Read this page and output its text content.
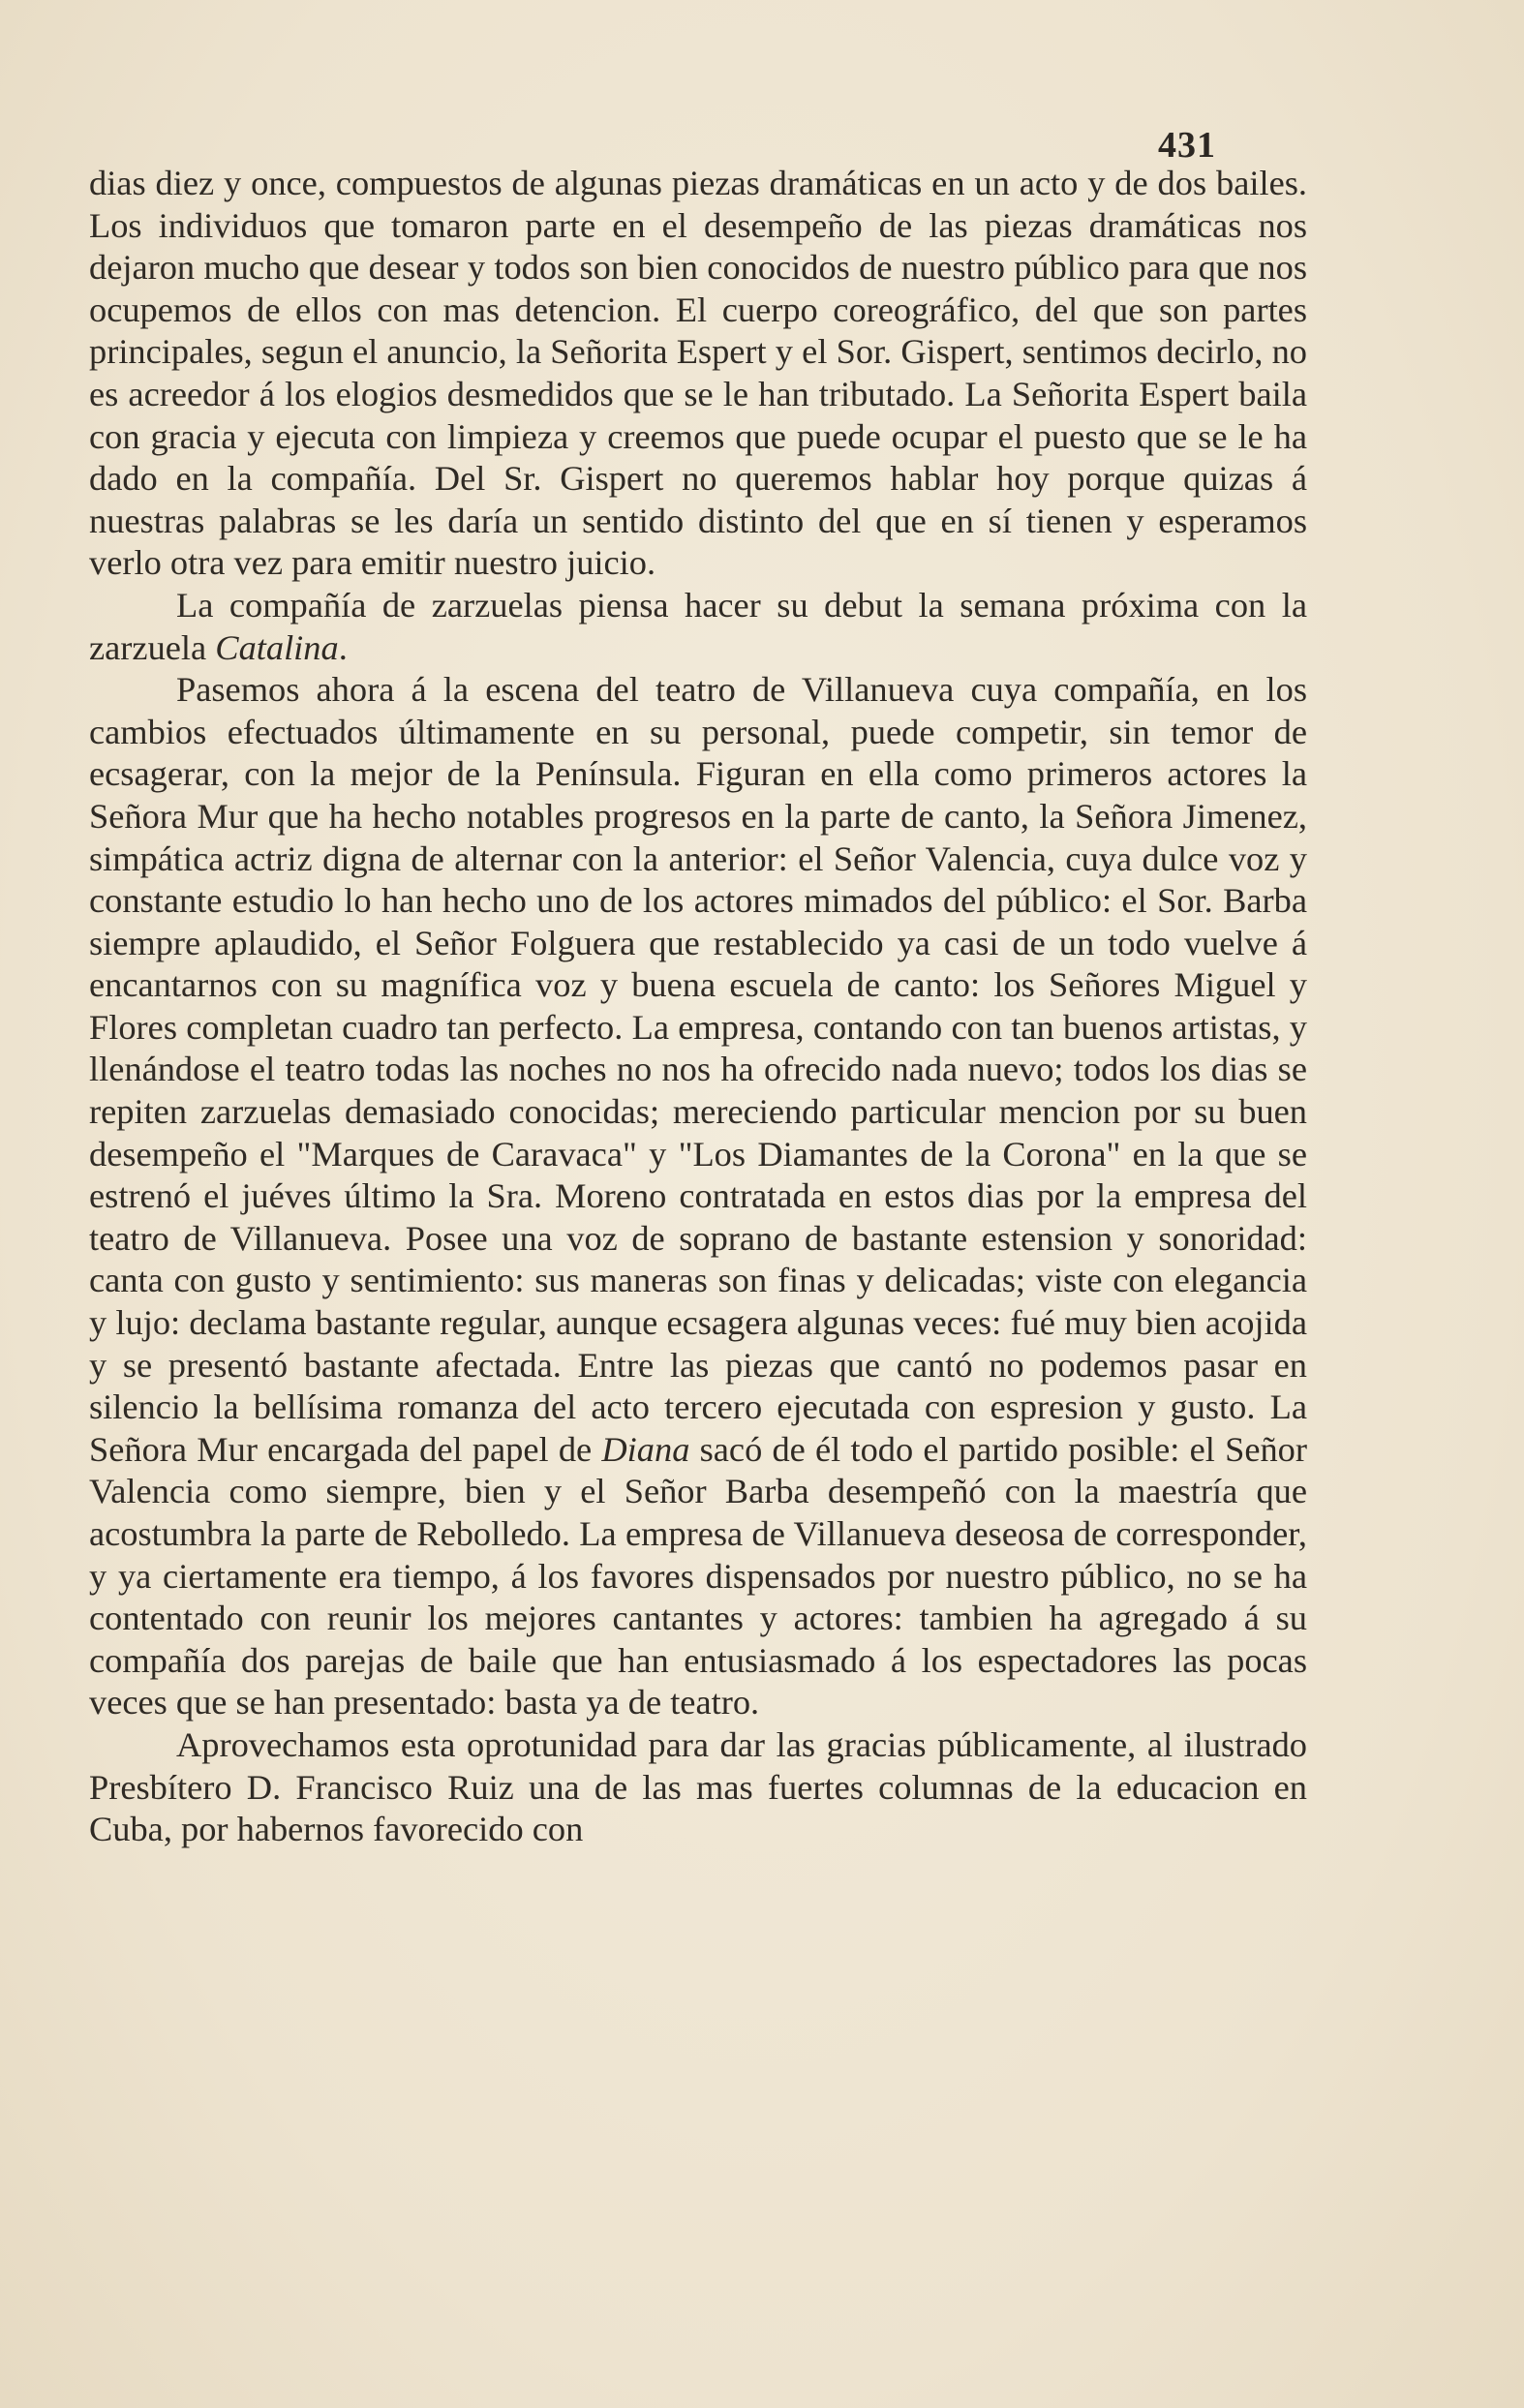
431

dias diez y once, compuestos de algunas piezas dramáticas en un acto y de dos bailes. Los individuos que tomaron parte en el desempeño de las piezas dramáticas nos dejaron mucho que desear y todos son bien conocidos de nuestro público para que nos ocupemos de ellos con mas detencion. El cuerpo coreográfico, del que son partes principales, segun el anuncio, la Señorita Espert y el Sor. Gispert, sentimos decirlo, no es acreedor á los elogios desmedidos que se le han tributado. La Señorita Espert baila con gracia y ejecuta con limpieza y creemos que puede ocupar el puesto que se le ha dado en la compañía. Del Sr. Gispert no queremos hablar hoy porque quizas á nuestras palabras se les daría un sentido distinto del que en sí tienen y esperamos verlo otra vez para emitir nuestro juicio.

La compañía de zarzuelas piensa hacer su debut la semana próxima con la zarzuela Catalina.

Pasemos ahora á la escena del teatro de Villanueva cuya compañía, en los cambios efectuados últimamente en su personal, puede competir, sin temor de ecsagerar, con la mejor de la Península. Figuran en ella como primeros actores la Señora Mur que ha hecho notables progresos en la parte de canto, la Señora Jimenez, simpática actriz digna de alternar con la anterior: el Señor Valencia, cuya dulce voz y constante estudio lo han hecho uno de los actores mimados del público: el Sor. Barba siempre aplaudido, el Señor Folguera que restablecido ya casi de un todo vuelve á encantarnos con su magnífica voz y buena escuela de canto: los Señores Miguel y Flores completan cuadro tan perfecto. La empresa, contando con tan buenos artistas, y llenándose el teatro todas las noches no nos ha ofrecido nada nuevo; todos los dias se repiten zarzuelas demasiado conocidas; mereciendo particular mencion por su buen desempeño el "Marques de Caravaca" y "Los Diamantes de la Corona" en la que se estrenó el juéves último la Sra. Moreno contratada en estos dias por la empresa del teatro de Villanueva. Posee una voz de soprano de bastante estension y sonoridad: canta con gusto y sentimiento: sus maneras son finas y delicadas; viste con elegancia y lujo: declama bastante regular, aunque ecsagera algunas veces: fué muy bien acojida y se presentó bastante afectada. Entre las piezas que cantó no podemos pasar en silencio la bellísima romanza del acto tercero ejecutada con espresion y gusto. La Señora Mur encargada del papel de Diana sacó de él todo el partido posible: el Señor Valencia como siempre, bien y el Señor Barba desempeñó con la maestría que acostumbra la parte de Rebolledo. La empresa de Villanueva deseosa de corresponder, y ya ciertamente era tiempo, á los favores dispensados por nuestro público, no se ha contentado con reunir los mejores cantantes y actores: tambien ha agregado á su compañía dos parejas de baile que han entusiasmado á los espectadores las pocas veces que se han presentado: basta ya de teatro.

Aprovechamos esta oprotunidad para dar las gracias públicamente, al ilustrado Presbítero D. Francisco Ruiz una de las mas fuertes columnas de la educacion en Cuba, por habernos favorecido con
